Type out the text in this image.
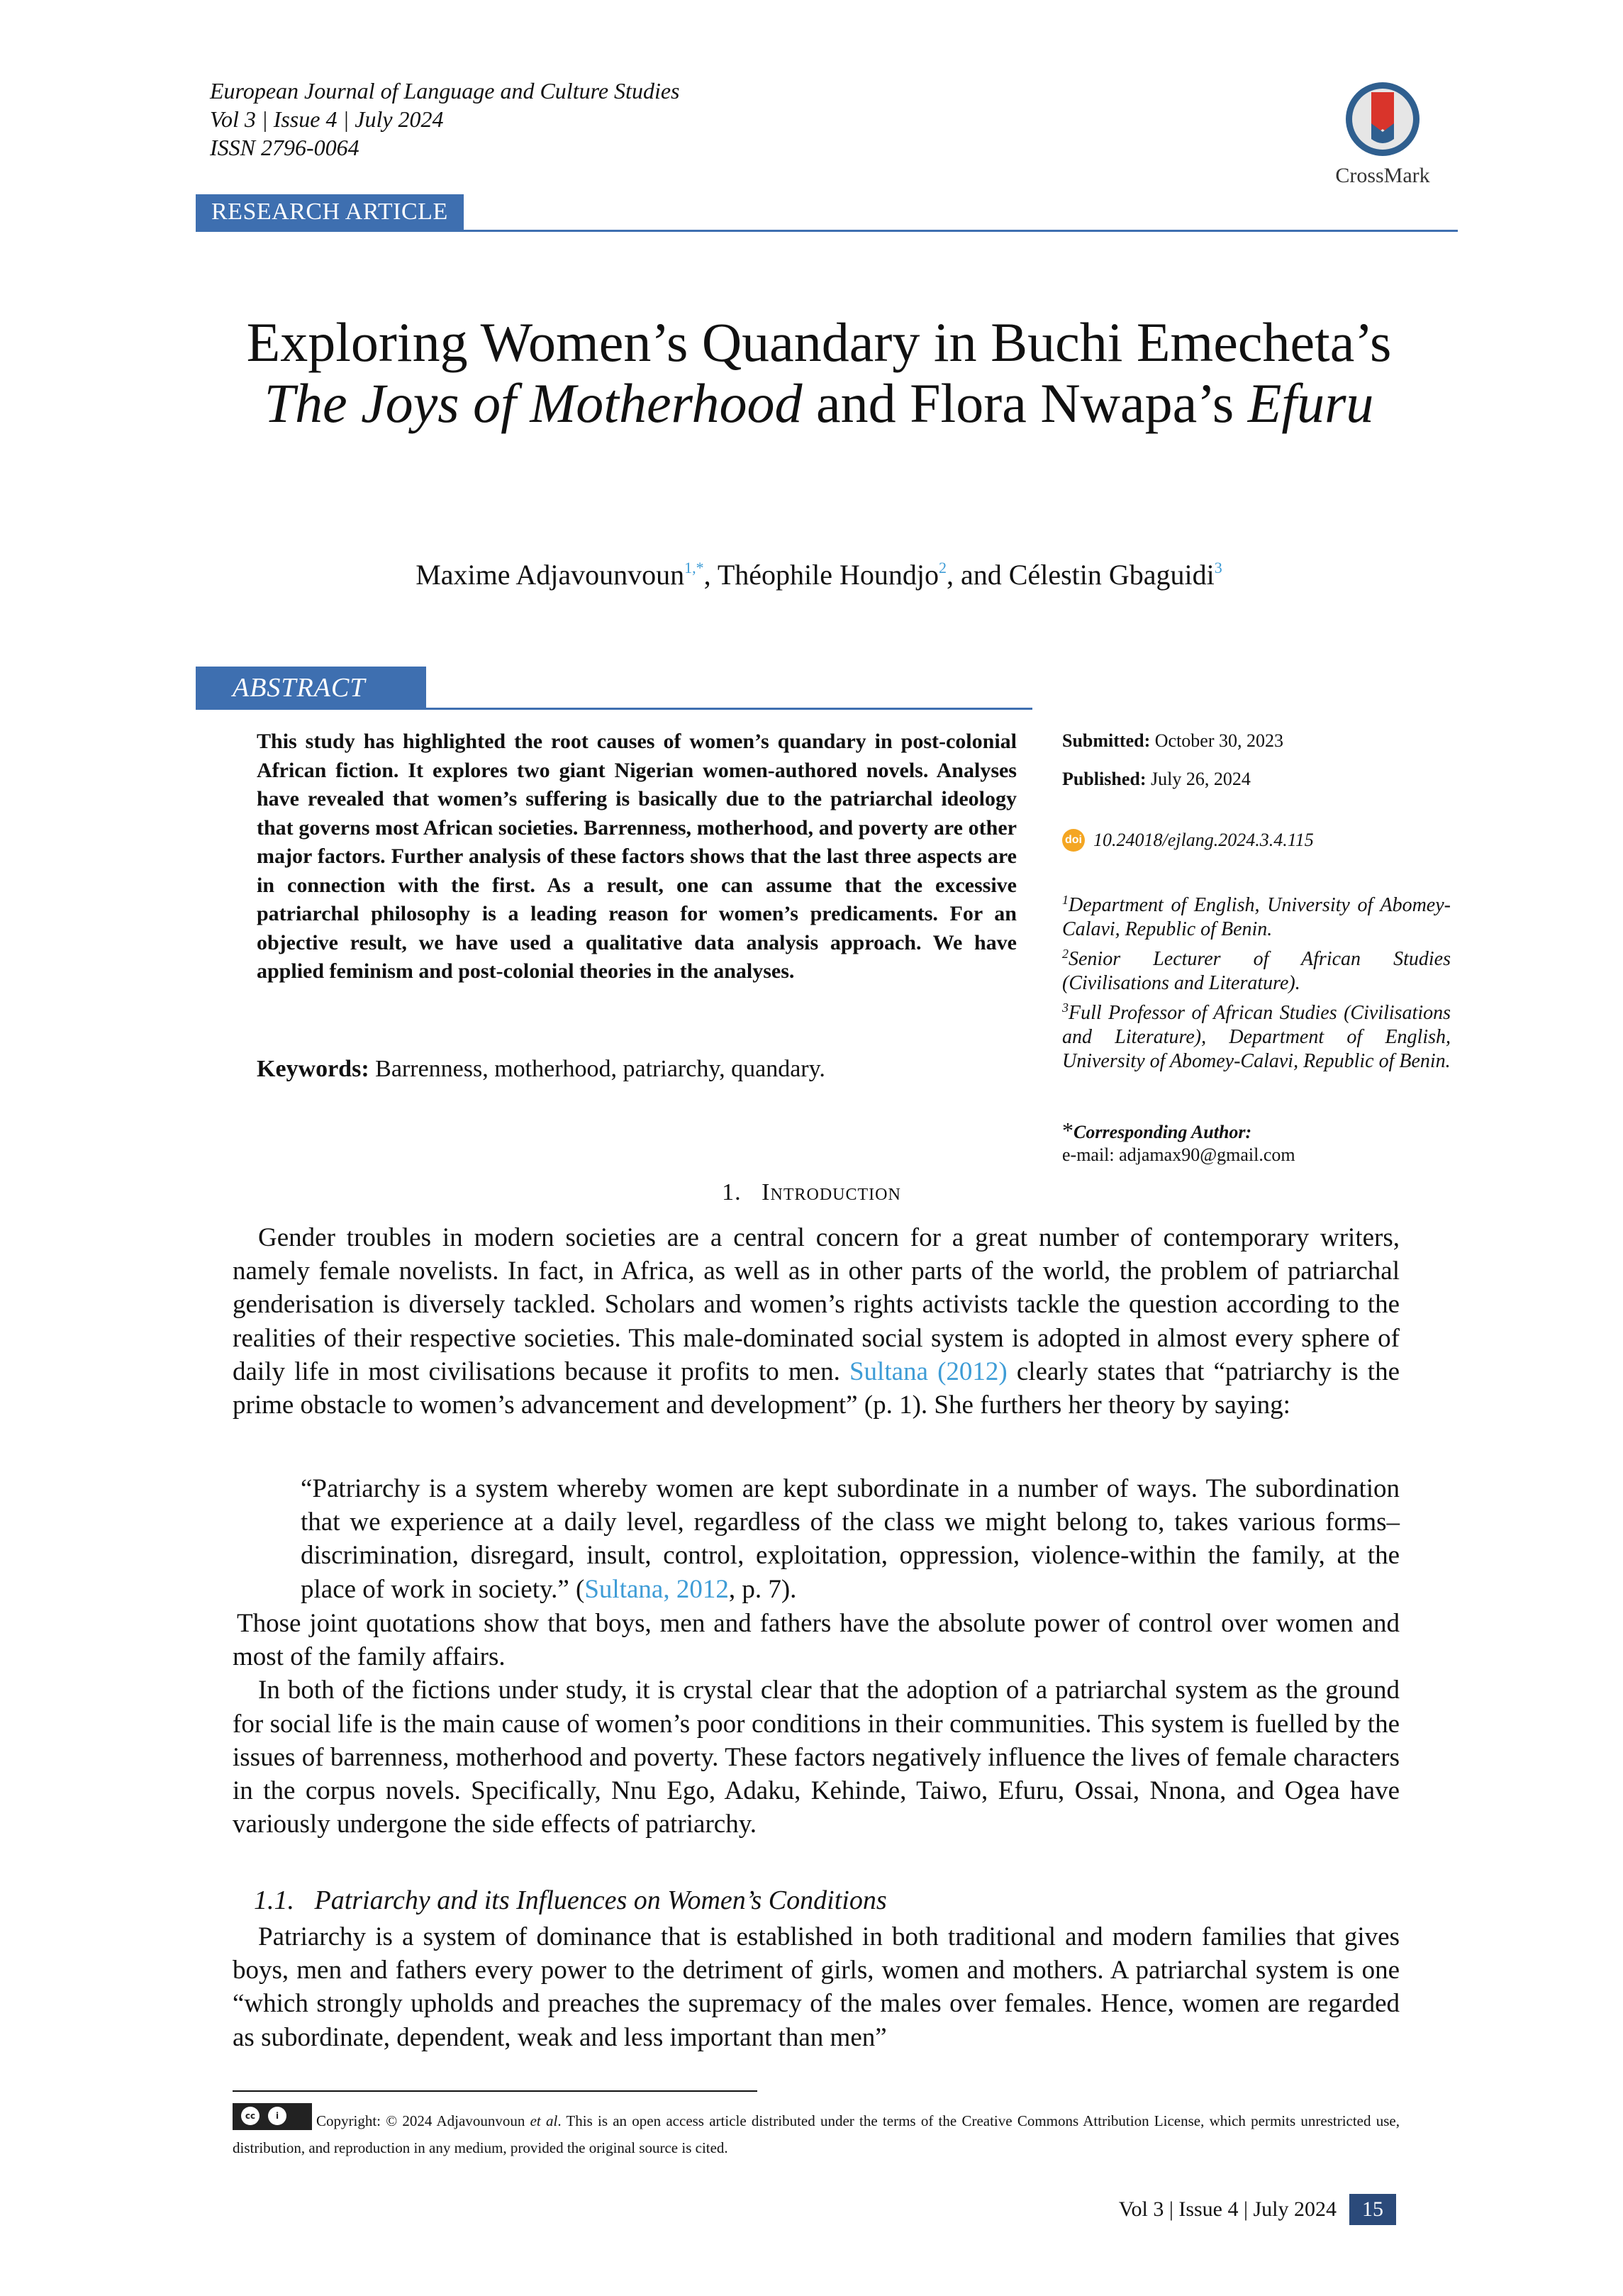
European Journal of Language and Culture Studies
Vol 3 | Issue 4 | July 2024
ISSN 2796-0064
CrossMark
RESEARCH ARTICLE
Exploring Women’s Quandary in Buchi Emecheta’s The Joys of Motherhood and Flora Nwapa’s Efuru
Maxime Adjavounvoun$^{1,*}$, Théophile Houndjo$^2$, and Célestin Gbaguidi$^3$
ABSTRACT
This study has highlighted the root causes of women’s quandary in post-colonial African fiction. It explores two giant Nigerian women-authored novels. Analyses have revealed that women’s suffering is basically due to the patriarchal ideology that governs most African societies. Barrenness, motherhood, and poverty are other major factors. Further analysis of these factors shows that the last three aspects are in connection with the first. As a result, one can assume that the excessive patriarchal philosophy is a leading reason for women’s predicaments. For an objective result, we have used a qualitative data analysis approach. We have applied feminism and post-colonial theories in the analyses.
Keywords: Barrenness, motherhood, patriarchy, quandary.
Submitted: October 30, 2023
Published: July 26, 2024
doi 10.24018/ejlang.2024.3.4.115
$^1$Department of English, University of Abomey-Calavi, Republic of Benin.
$^2$Senior Lecturer of African Studies (Civilisations and Literature).
$^3$Full Professor of African Studies (Civilisations and Literature), Department of English, University of Abomey-Calavi, Republic of Benin.
*Corresponding Author:
e-mail: adjamax90@gmail.com
1. Introduction

Gender troubles in modern societies are a central concern for a great number of contemporary writers, namely female novelists. In fact, in Africa, as well as in other parts of the world, the problem of patriarchal genderisation is diversely tackled. Scholars and women’s rights activists tackle the question according to the realities of their respective societies. This male-dominated social system is adopted in almost every sphere of daily life in most civilisations because it profits to men. Sultana (2012) clearly states that “patriarchy is the prime obstacle to women’s advancement and development” (p. 1). She furthers her theory by saying:

“Patriarchy is a system whereby women are kept subordinate in a number of ways. The subordination that we experience at a daily level, regardless of the class we might belong to, takes various forms–discrimination, disregard, insult, control, exploitation, oppression, violence-within the family, at the place of work in society.” (Sultana, 2012, p. 7).

Those joint quotations show that boys, men and fathers have the absolute power of control over women and most of the family affairs.

In both of the fictions under study, it is crystal clear that the adoption of a patriarchal system as the ground for social life is the main cause of women’s poor conditions in their communities. This system is fuelled by the issues of barrenness, motherhood and poverty. These factors negatively influence the lives of female characters in the corpus novels. Specifically, Nnu Ego, Adaku, Kehinde, Taiwo, Efuru, Ossai, Nnona, and Ogea have variously undergone the side effects of patriarchy.

1.1. Patriarchy and its Influences on Women’s Conditions

Patriarchy is a system of dominance that is established in both traditional and modern families that gives boys, men and fathers every power to the detriment of girls, women and mothers. A patriarchal system is one “which strongly upholds and preaches the supremacy of the males over females. Hence, women are regarded as subordinate, dependent, weak and less important than men”

cc	i	Copyright: © 2024 Adjavounvoun et al. This is an open access article distributed under the terms of the Creative Commons Attribution License, which permits unrestricted use, distribution, and reproduction in any medium, provided the original source is cited.
Vol 3 | Issue 4 | July 2024	15
